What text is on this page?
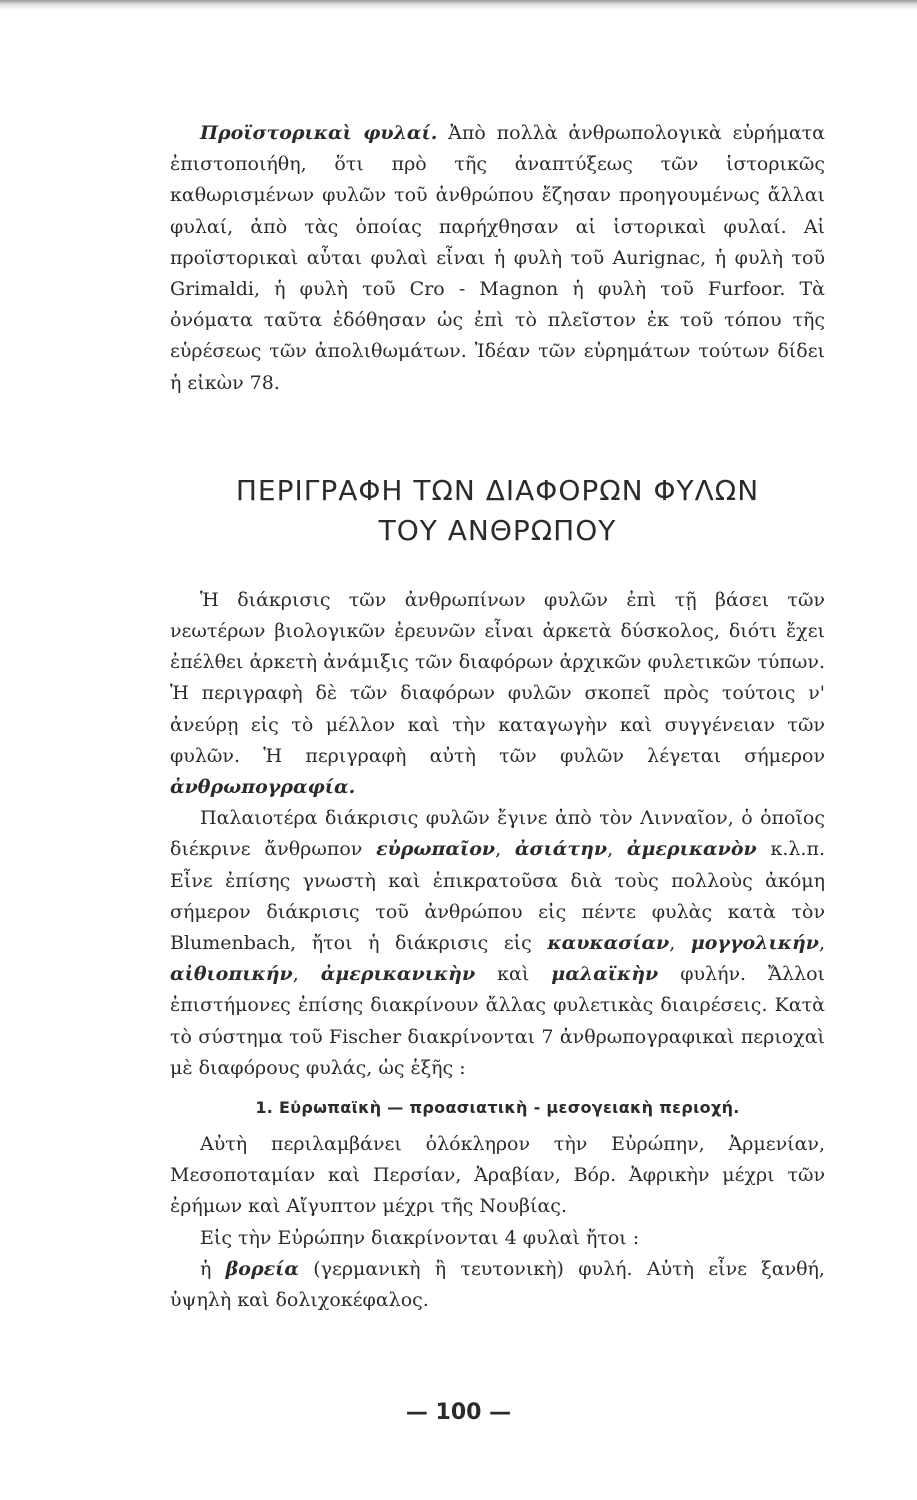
Προϊστορικαὶ φυλαί. Ἀπὸ πολλὰ ἀνθρωπολογικὰ εὑρήματα ἐπιστοποιήθη, ὅτι πρὸ τῆς ἀναπτύξεως τῶν ἱστορικῶς καθωρισμένων φυλῶν τοῦ ἀνθρώπου ἔζησαν προηγουμένως ἄλλαι φυλαί, ἀπὸ τὰς ὁποίας παρήχθησαν αἱ ἱστορικαὶ φυλαί. Αἱ προϊστορικαὶ αὗται φυλαὶ εἶναι ἡ φυλὴ τοῦ Aurignac, ἡ φυλὴ τοῦ Grimaldi, ἡ φυλὴ τοῦ Cro - Magnon ἡ φυλὴ τοῦ Furfoor. Τὰ ὀνόματα ταῦτα ἐδόθησαν ὡς ἐπὶ τὸ πλεῖστον ἐκ τοῦ τόπου τῆς εὑρέσεως τῶν ἀπολιθωμάτων. Ἰδέαν τῶν εὑρημάτων τούτων δίδει ἡ εἰκὼν 78.

ΠΕΡΙΓΡΑΦΗ ΤΩΝ ΔΙΑΦΟΡΩΝ ΦΥΛΩΝ
ΤΟΥ ΑΝΘΡΩΠΟΥ

Ἡ διάκρισις τῶν ἀνθρωπίνων φυλῶν ἐπὶ τῇ βάσει τῶν νεωτέρων βιολογικῶν ἐρευνῶν εἶναι ἀρκετὰ δύσκολος, διότι ἔχει ἐπέλθει ἀρκετὴ ἀνάμιξις τῶν διαφόρων ἀρχικῶν φυλετικῶν τύπων. Ἡ περιγραφὴ δὲ τῶν διαφόρων φυλῶν σκοπεῖ πρὸς τούτοις ν' ἀνεύρῃ εἰς τὸ μέλλον καὶ τὴν καταγωγὴν καὶ συγγένειαν τῶν φυλῶν. Ἡ περιγραφὴ αὐτὴ τῶν φυλῶν λέγεται σήμερον ἀνθρωπογραφία.

Παλαιοτέρα διάκρισις φυλῶν ἔγινε ἀπὸ τὸν Λινναῖον, ὁ ὁποῖος διέκρινε ἄνθρωπον εὐρωπαῖον, ἀσιάτην, ἀμερικανὸν κ.λ.π. Εἶνε ἐπίσης γνωστὴ καὶ ἐπικρατοῦσα διὰ τοὺς πολλοὺς ἀκόμη σήμερον διάκρισις τοῦ ἀνθρώπου εἰς πέντε φυλὰς κατὰ τὸν Blumenbach, ἤτοι ἡ διάκρισις εἰς καυκασίαν, μογγολικήν, αἰθιοπικήν, ἀμερικανικὴν καὶ μαλαϊκὴν φυλήν. Ἄλλοι ἐπιστήμονες ἐπίσης διακρίνουν ἄλλας φυλετικὰς διαιρέσεις. Κατὰ τὸ σύστημα τοῦ Fischer διακρίνονται 7 ἀνθρωπογραφικαὶ περιοχαὶ μὲ διαφόρους φυλάς, ὡς ἑξῆς :

1. Εὐρωπαϊκὴ — προασιατικὴ - μεσογειακὴ περιοχή.

Αὐτὴ περιλαμβάνει ὁλόκληρον τὴν Εὐρώπην, Ἀρμενίαν, Μεσοποταμίαν καὶ Περσίαν, Ἀραβίαν, Βόρ. Ἀφρικὴν μέχρι τῶν ἐρήμων καὶ Αἴγυπτον μέχρι τῆς Νουβίας.

Εἰς τὴν Εὐρώπην διακρίνονται 4 φυλαὶ ἤτοι :

ἡ βορεία (γερμανικὴ ἢ τευτονικὴ) φυλή. Αὐτὴ εἶνε ξανθή, ὑψηλὴ καὶ δολιχοκέφαλος.

— 100 —
